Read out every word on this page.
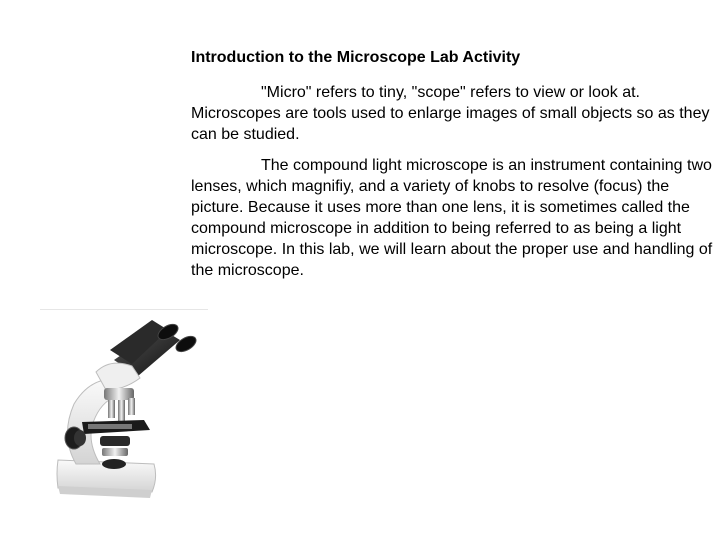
Introduction to the Microscope Lab Activity
"Micro" refers to tiny, "scope" refers to view or look at. Microscopes are tools used to enlarge images of small objects so as they can be studied.
The compound light microscope is an instrument containing two lenses, which magnifiy, and a variety of knobs to resolve (focus) the picture. Because it uses more than one lens, it is sometimes called the compound microscope in addition to being referred to as being a light microscope. In this lab, we will learn about the proper use and handling of the microscope.
